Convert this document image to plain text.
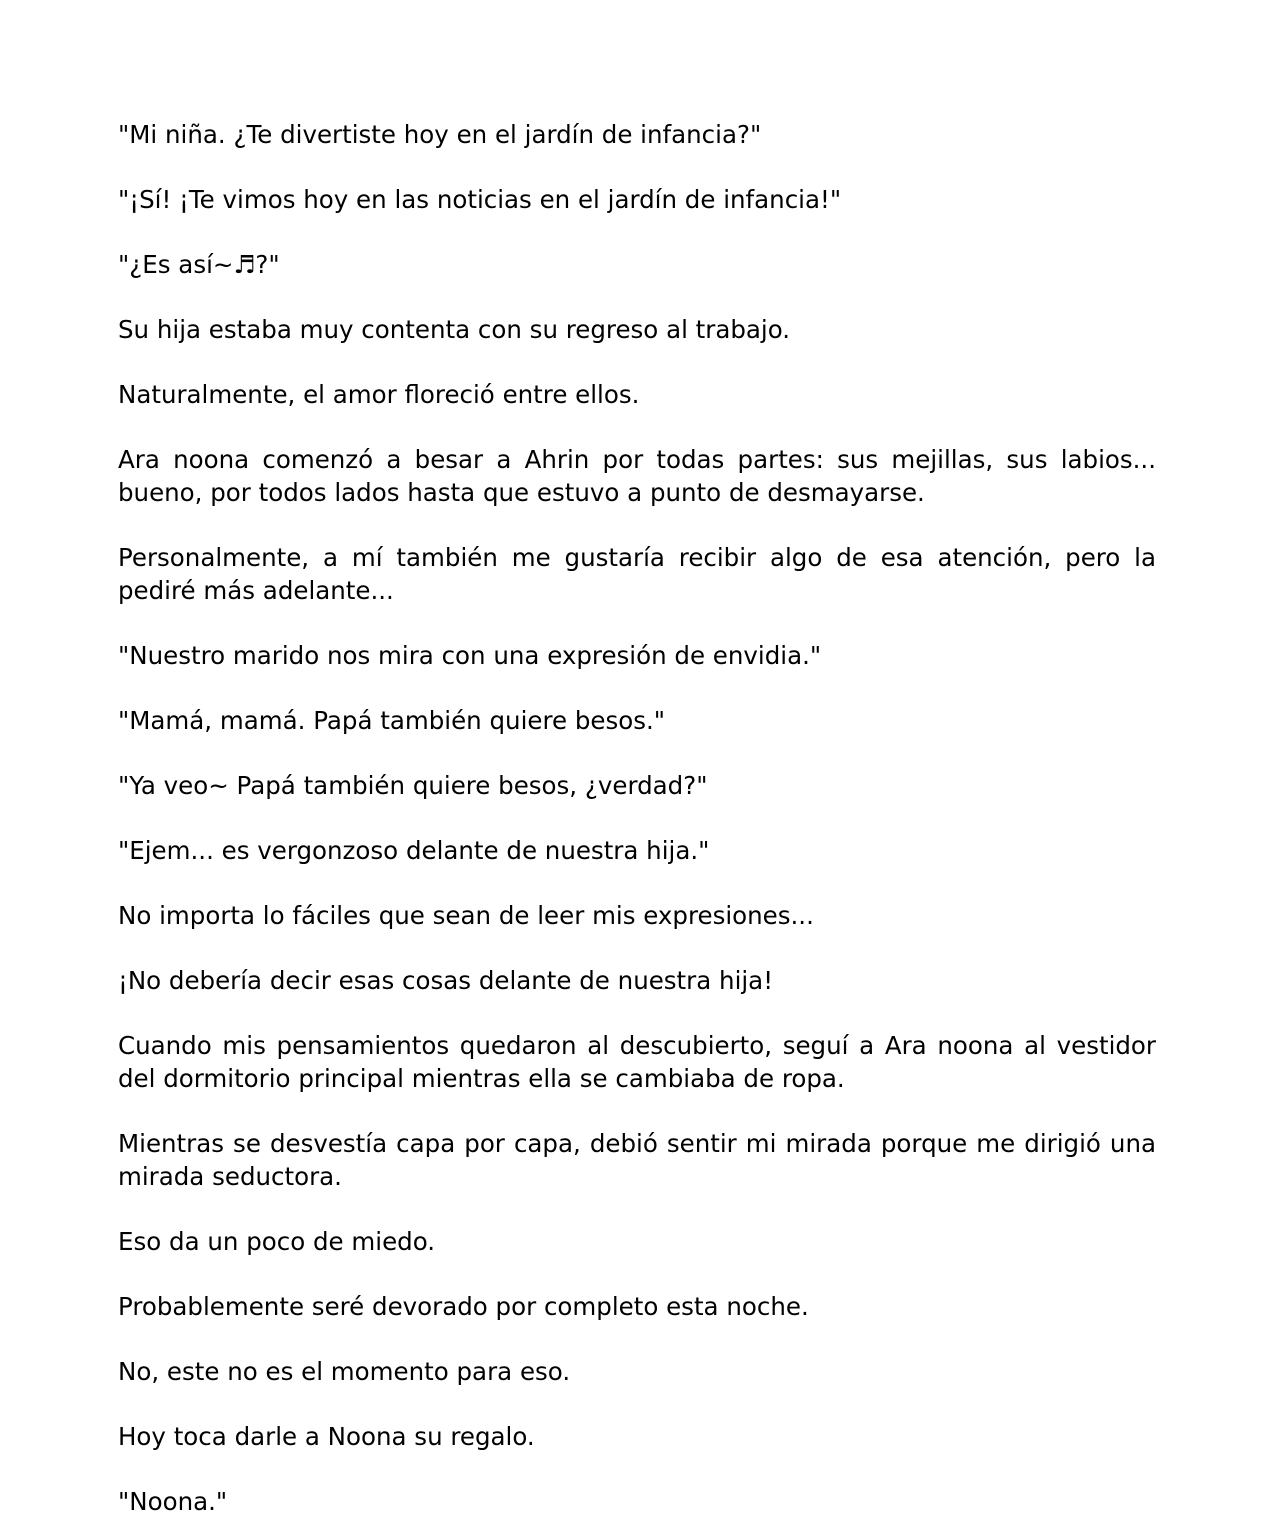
"Mi niña. ¿Te divertiste hoy en el jardín de infancia?"

"¡Sí! ¡Te vimos hoy en las noticias en el jardín de infancia!"

"¿Es así~♬?"

Su hija estaba muy contenta con su regreso al trabajo.

Naturalmente, el amor floreció entre ellos.

Ara noona comenzó a besar a Ahrin por todas partes: sus mejillas, sus labios... bueno, por todos lados hasta que estuvo a punto de desmayarse.

Personalmente, a mí también me gustaría recibir algo de esa atención, pero la pediré más adelante...

"Nuestro marido nos mira con una expresión de envidia."

"Mamá, mamá. Papá también quiere besos."

"Ya veo~ Papá también quiere besos, ¿verdad?"

"Ejem... es vergonzoso delante de nuestra hija."

No importa lo fáciles que sean de leer mis expresiones...

¡No debería decir esas cosas delante de nuestra hija!

Cuando mis pensamientos quedaron al descubierto, seguí a Ara noona al vestidor del dormitorio principal mientras ella se cambiaba de ropa.

Mientras se desvestía capa por capa, debió sentir mi mirada porque me dirigió una mirada seductora.

Eso da un poco de miedo.

Probablemente seré devorado por completo esta noche.

No, este no es el momento para eso.

Hoy toca darle a Noona su regalo.

"Noona."
